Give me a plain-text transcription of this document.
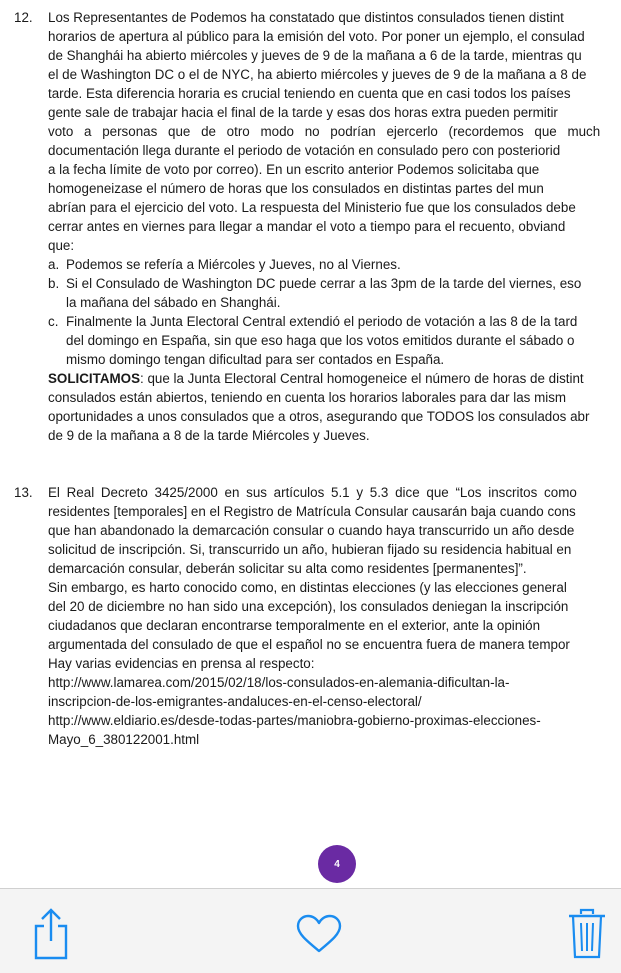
12. Los Representantes de Podemos ha constatado que distintos consulados tienen distint
horarios de apertura al público para la emisión del voto. Por poner un ejemplo, el consulad
de Shanghái ha abierto miércoles y jueves de 9 de la mañana a 6 de la tarde, mientras qu
el de Washington DC o el de NYC, ha abierto miércoles y jueves de 9 de la mañana a 8 de
tarde. Esta diferencia horaria es crucial teniendo en cuenta que en casi todos los países
gente sale de trabajar hacia el final de la tarde y esas dos horas extra pueden permitir
voto a personas que de otro modo no podrían ejercerlo (recordemos que much
documentación llega durante el periodo de votación en consulado pero con posteriorid
a la fecha límite de voto por correo). En un escrito anterior Podemos solicitaba que
homogeneizase el número de horas que los consulados en distintas partes del mun
abrían para el ejercicio del voto. La respuesta del Ministerio fue que los consulados debe
cerrar antes en viernes para llegar a mandar el voto a tiempo para el recuento, obviand
que:
a. Podemos se refería a Miércoles y Jueves, no al Viernes.
b. Si el Consulado de Washington DC puede cerrar a las 3pm de la tarde del viernes, eso
la mañana del sábado en Shanghái.
c. Finalmente la Junta Electoral Central extendió el periodo de votación a las 8 de la tard
del domingo en España, sin que eso haga que los votos emitidos durante el sábado o
mismo domingo tengan dificultad para ser contados en España.
SOLICITAMOS: que la Junta Electoral Central homogeneice el número de horas de distint
consulados están abiertos, teniendo en cuenta los horarios laborales para dar las mism
oportunidades a unos consulados que a otros, asegurando que TODOS los consulados abr
de 9 de la mañana a 8 de la tarde Miércoles y Jueves.
13. El Real Decreto 3425/2000 en sus artículos 5.1 y 5.3 dice que “Los inscritos como
residentes [temporales] en el Registro de Matrícula Consular causarán baja cuando cons
que han abandonado la demarcación consular o cuando haya transcurrido un año desde
solicitud de inscripción. Si, transcurrido un año, hubieran fijado su residencia habitual en
demarcación consular, deberán solicitar su alta como residentes [permanentes]”.
Sin embargo, es harto conocido como, en distintas elecciones (y las elecciones general
del 20 de diciembre no han sido una excepción), los consulados deniegan la inscripción
ciudadanos que declaran encontrarse temporalmente en el exterior, ante la opinión
argumentada del consulado de que el español no se encuentra fuera de manera tempor
Hay varias evidencias en prensa al respecto:
http://www.lamarea.com/2015/02/18/los-consulados-en-alemania-dificultan-la-
inscripcion-de-los-emigrantes-andaluces-en-el-censo-electoral/
http://www.eldiario.es/desde-todas-partes/maniobra-gobierno-proximas-elecciones-
Mayo_6_380122001.html
4
